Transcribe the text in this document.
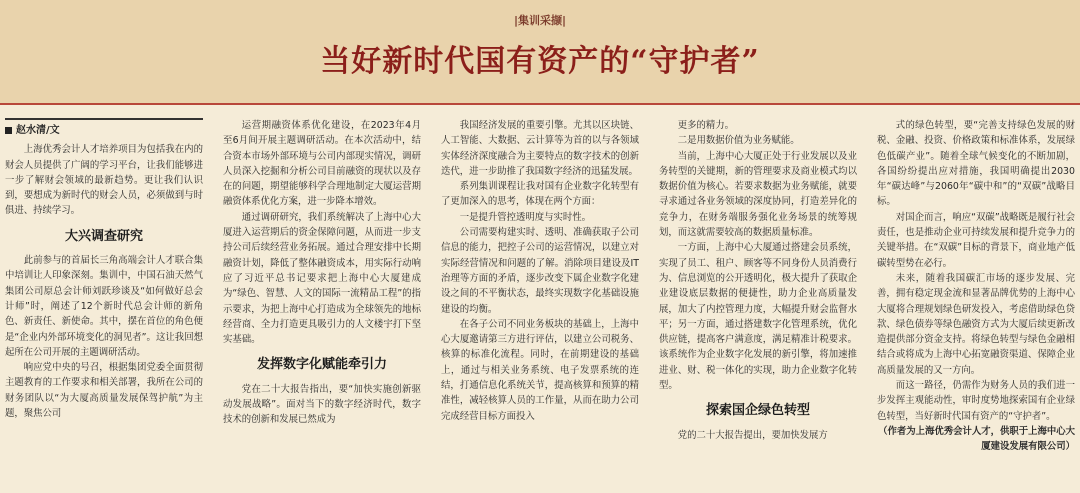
|集训采撷|
当好新时代国有资产的“守护者”
赵水清/文

上海优秀会计人才培养项目为包括我在内的财会人员提供了广阔的学习平台，让我们能够进一步了解财会领域的最新趋势。更让我们认识到，要想成为新时代的财会人员，必须做到与时俱进、持续学习。

大兴调查研究

此前参与的首届长三角高端会计人才联合集中培训让人印象深刻。集训中，中国石油天然气集团公司原总会计师刘跃珍谈及“如何做好总会计师”时，阐述了12个新时代总会计师的新角色、新责任、新使命。其中，摆在首位的角色便是“企业内外部环境变化的洞见者”。这让我回想起所在公司开展的主题调研活动。

响应党中央的号召，根据集团党委全面贯彻主题教育的工作要求和相关部署，我所在公司的财务团队以“为大厦高质量发展保驾护航”为主题，聚焦公司

运营期融资体系优化建设，在2023年4月至6月间开展主题调研活动。在本次活动中，结合资本市场外部环境与公司内部现实情况，调研人员深入挖掘和分析公司目前融资的现状以及存在的问题，期望能够科学合理地制定大厦运营期融资体系优化方案，进一步降本增效。

通过调研研究，我们系统解决了上海中心大厦进入运营期后的资金保障问题，从而进一步支持公司后续经营业务拓展。通过合理安排中长期融资计划，降低了整体融资成本，用实际行动响应了习近平总书记要求把上海中心大厦建成为“绿色、智慧、人文的国际一流精品工程”的指示要求，为把上海中心打造成为全球领先的地标经营商、全力打造更具吸引力的人文楼宇打下坚实基础。

发挥数字化赋能牵引力

党在二十大报告指出，要“加快实施创新驱动发展战略”。面对当下的数字经济时代，数字技术的创新和发展已然成为

我国经济发展的重要引擎。尤其以区块链、人工智能、大数据、云计算等为首的以与各领域实体经济深度融合为主要特点的数字技术的创新迭代，进一步助推了我国数字经济的迅猛发展。

系列集训课程让我对国有企业数字化转型有了更加深入的思考，体现在两个方面：

一是提升管控透明度与实时性。

公司需要构建实时、透明、准确获取子公司信息的能力，把控子公司的运营情况，以建立对实际经营情况和问题的了解。消除项目建设及IT治理等方面的矛盾，逐步改变下属企业数字化建设之间的不平衡状态，最终实现数字化基础设施建设的均衡。

在各子公司不同业务板块的基础上，上海中心大厦邀请第三方进行评估，以建立公司税务、核算的标准化流程。同时，在前期建设的基础上，通过与相关业务系统、电子发票系统的连结，打通信息化系统关节，提高核算和预算的精准性，减轻核算人员的工作量，从而在助力公司完成经营目标方面投入

更多的精力。

二是用数据价值为业务赋能。

当前，上海中心大厦正处于行业发展以及业务转型的关键期，新的管理要求及商业模式均以数据价值为核心。若要求数据为业务赋能，就要寻求通过各业务领域的深度协同，打造差异化的竞争力，在财务端服务强化业务场景的统筹规划，而这就需要较高的数据质量标准。

一方面，上海中心大厦通过搭建会员系统，实现了员工、租户、顾客等不同身份人员消费行为、信息浏览的公开透明化，极大提升了获取企业建设底层数据的便捷性，助力企业高质量发展，加大了内控管理力度，大幅提升财会监督水平；另一方面，通过搭建数字化管理系统，优化供应链，提高客户满意度，满足精准计税要求。该系统作为企业数字化发展的新引擎，将加速推进业、财、税一体化的实现，助力企业数字化转型。

探索国企绿色转型

党的二十大报告提出，要加快发展方

式的绿色转型，要“完善支持绿色发展的财税、金融、投资、价格政策和标准体系，发展绿色低碳产业”。随着全球气候变化的不断加剧，各国纷纷提出应对措施，我国明确提出2030年“碳达峰”与2060年“碳中和”的“双碳”战略目标。

对国企而言，响应“双碳”战略既是履行社会责任，也是推动企业可持续发展和提升竞争力的关键举措。在“双碳”目标的背景下，商业地产低碳转型势在必行。

未来，随着我国碳汇市场的逐步发展、完善，拥有稳定现金流和显著品牌优势的上海中心大厦将合理规划绿色研发投入，考虑借助绿色贷款、绿色债券等绿色融资方式为大厦后续更新改造提供部分资金支持。将绿色转型与绿色金融相结合或将成为上海中心拓宽融资渠道、保障企业高质量发展的又一方向。

而这一路径，仍需作为财务人员的我们进一步发挥主观能动性，审时度势地探索国有企业绿色转型，当好新时代国有资产的“守护者”。

（作者为上海优秀会计人才，供职于上海中心大厦建设发展有限公司）
